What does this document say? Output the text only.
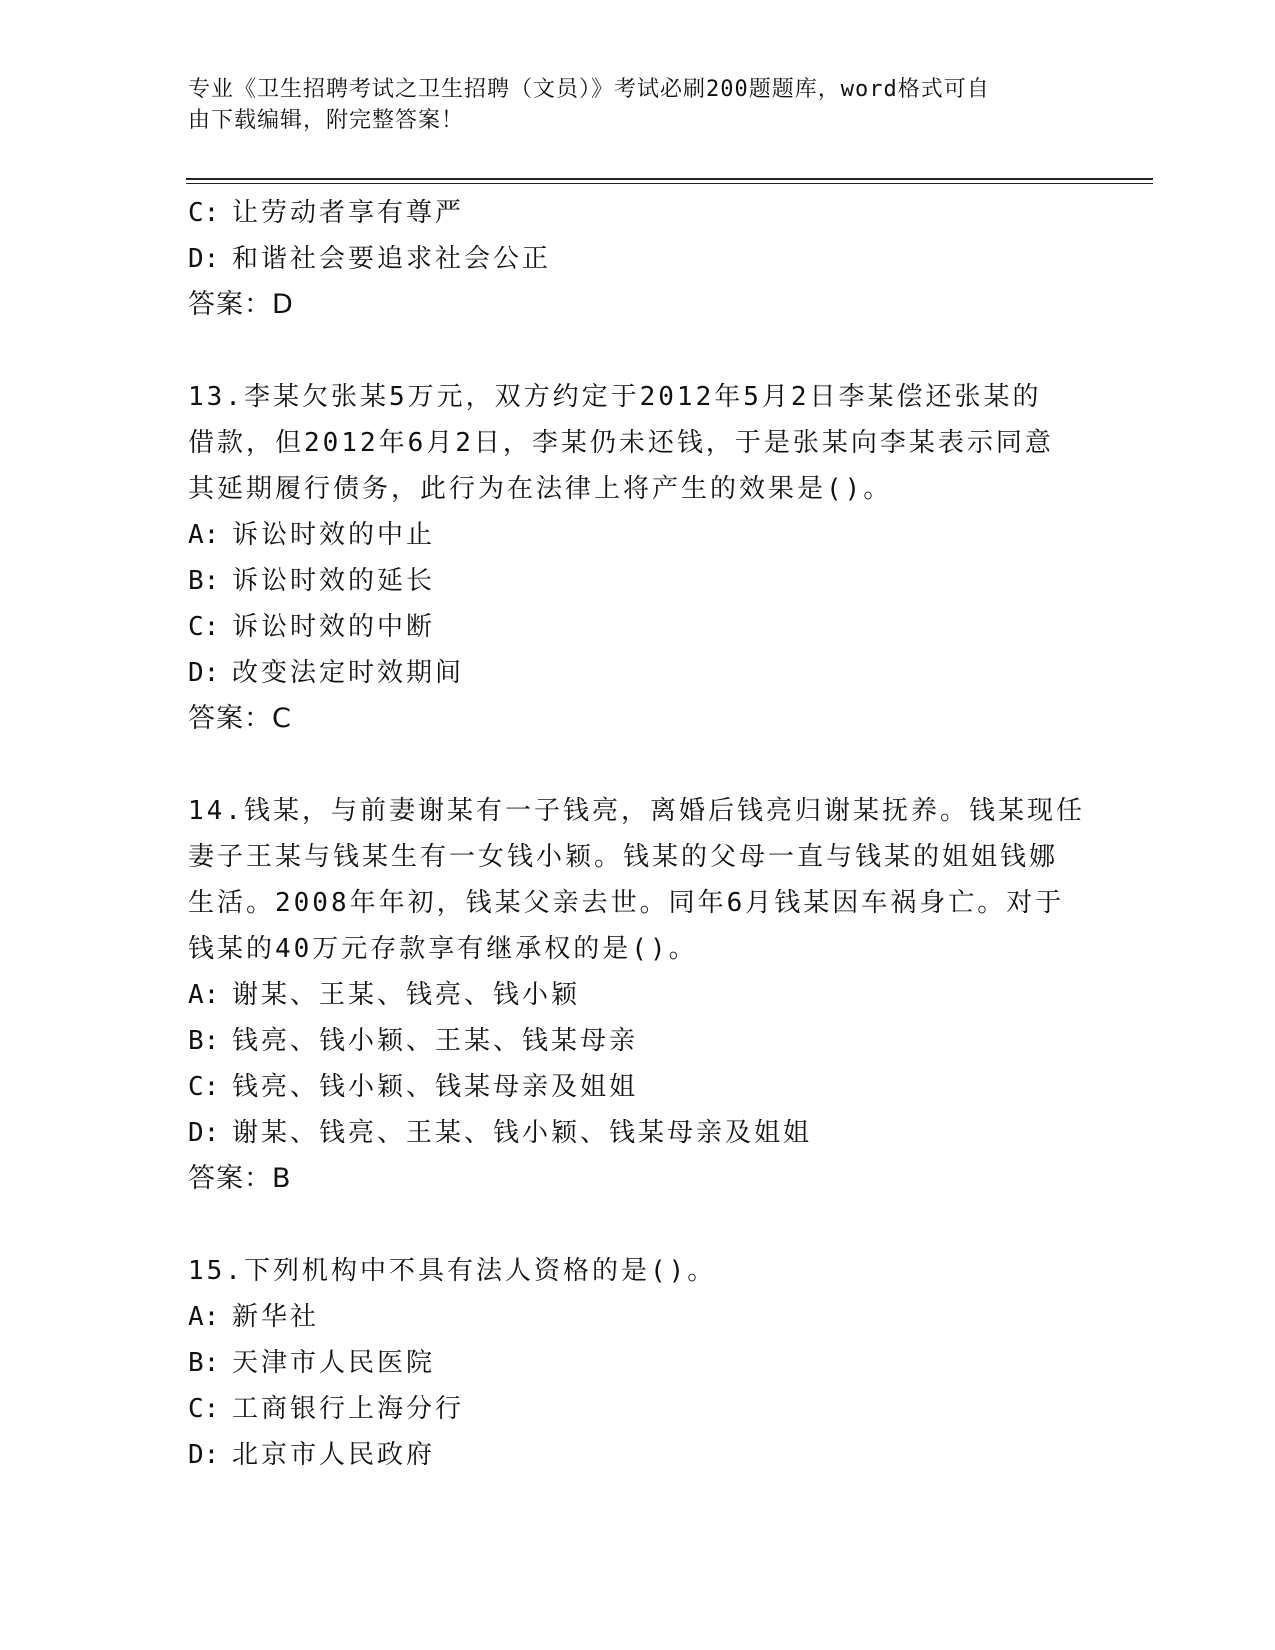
专业《卫生招聘考试之卫生招聘（文员）》考试必刷200题题库，word格式可自
由下载编辑，附完整答案！
C: 让劳动者享有尊严
D: 和谐社会要追求社会公正
答案：D
13.李某欠张某5万元，双方约定于2012年5月2日李某偿还张某的
借款，但2012年6月2日，李某仍未还钱，于是张某向李某表示同意
其延期履行债务，此行为在法律上将产生的效果是()。
A: 诉讼时效的中止
B: 诉讼时效的延长
C: 诉讼时效的中断
D: 改变法定时效期间
答案：C
14.钱某，与前妻谢某有一子钱亮，离婚后钱亮归谢某抚养。钱某现任
妻子王某与钱某生有一女钱小颖。钱某的父母一直与钱某的姐姐钱娜
生活。2008年年初，钱某父亲去世。同年6月钱某因车祸身亡。对于
钱某的40万元存款享有继承权的是()。
A: 谢某、王某、钱亮、钱小颖
B: 钱亮、钱小颖、王某、钱某母亲
C: 钱亮、钱小颖、钱某母亲及姐姐
D: 谢某、钱亮、王某、钱小颖、钱某母亲及姐姐
答案：B
15.下列机构中不具有法人资格的是()。
A: 新华社
B: 天津市人民医院
C: 工商银行上海分行
D: 北京市人民政府
